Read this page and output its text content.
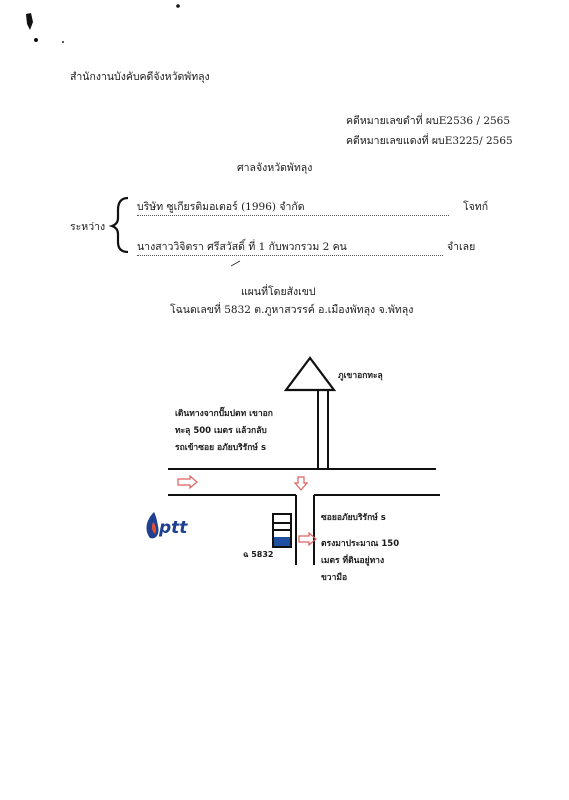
ptt
สำนักงานบังคับคดีจังหวัดพัทลุง
คดีหมายเลขดำที่ ผบE2536 / 2565
คดีหมายเลขแดงที่ ผบE3225/ 2565
ศาลจังหวัดพัทลุง
ระหว่าง
บริษัท ซูเกียรติมอเตอร์ (1996) จำกัด	โจทก์
นางสาววิจิตรา ศรีสวัสดิ์ ที่ 1 กับพวกรวม 2 คน	จำเลย
แผนที่โดยสังเขป
โฉนดเลขที่ 5832 ต.ภูหาสวรรค์ อ.เมืองพัทลุง จ.พัทลุง
ภูเขาอกทะลุ
เดินทางจากปั๊มปตท เขาอก
ทะลุ 500 เมตร แล้วกลับ
รถเข้าซอย อภัยบริรักษ์ s
ซอยอภัยบริรักษ์ s
ฉ 5832
ตรงมาประมาณ 150
เมตร ที่ดินอยู่ทาง
ขวามือ
